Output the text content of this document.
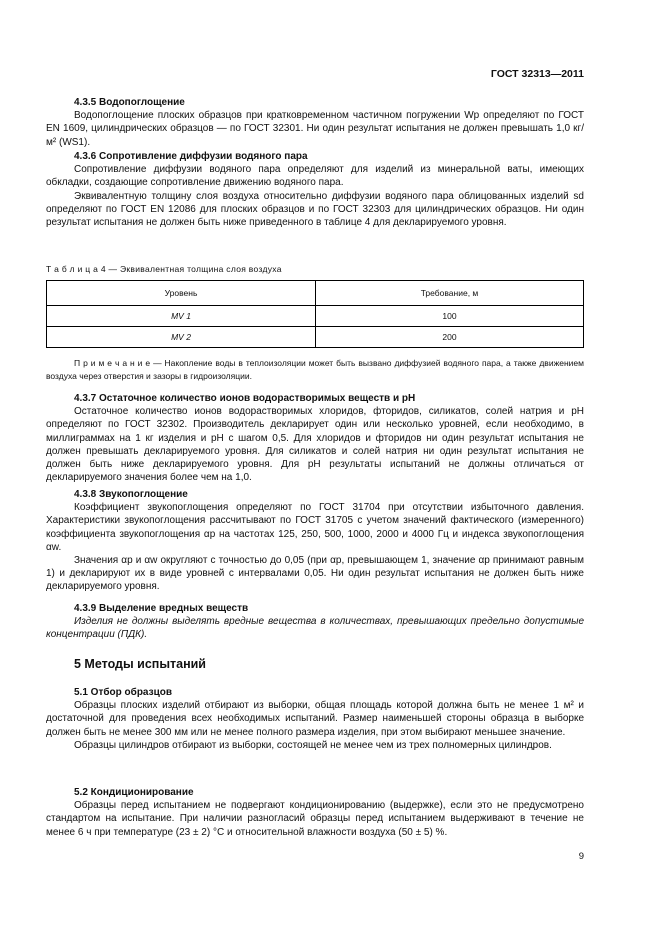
ГОСТ 32313—2011

4.3.5 Водопоглощение

Водопоглощение плоских образцов при кратковременном частичном погружении Wp определяют по ГОСТ EN 1609, цилиндрических образцов — по ГОСТ 32301. Ни один результат испытания не должен превышать 1,0 кг/м² (WS1).

4.3.6 Сопротивление диффузии водяного пара

Сопротивление диффузии водяного пара определяют для изделий из минеральной ваты, имеющих обкладки, создающие сопротивление движению водяного пара.

Эквивалентную толщину слоя воздуха относительно диффузии водяного пара облицованных изделий sd определяют по ГОСТ EN 12086 для плоских образцов и по ГОСТ 32303 для цилиндрических образцов. Ни один результат испытания не должен быть ниже приведенного в таблице 4 для декларируемого уровня.

Т а б л и ц а 4 — Эквивалентная толщина слоя воздуха
Уровень	Требование, м
MV 1	100
MV 2	200

П р и м е ч а н и е — Накопление воды в теплоизоляции может быть вызвано диффузией водяного пара, а также движением воздуха через отверстия и зазоры в гидроизоляции.

4.3.7 Остаточное количество ионов водорастворимых веществ и pH

Остаточное количество ионов водорастворимых хлоридов, фторидов, силикатов, солей натрия и pH определяют по ГОСТ 32302. Производитель декларирует один или несколько уровней, если необходимо, в миллиграммах на 1 кг изделия и pH с шагом 0,5. Для хлоридов и фторидов ни один результат испытания не должен превышать декларируемого уровня. Для силикатов и солей натрия ни один результат испытания не должен быть ниже декларируемого уровня. Для pH результаты испытаний не должны отличаться от декларируемого значения более чем на 1,0.

4.3.8 Звукопоглощение

Коэффициент звукопоглощения определяют по ГОСТ 31704 при отсутствии избыточного давления. Характеристики звукопоглощения рассчитывают по ГОСТ 31705 с учетом значений фактического (измеренного) коэффициента звукопоглощения αp на частотах 125, 250, 500, 1000, 2000 и 4000 Гц и индекса звукопоглощения αw.

Значения αp и αw округляют с точностью до 0,05 (при αp, превышающем 1, значение αp принимают равным 1) и декларируют их в виде уровней с интервалами 0,05. Ни один результат испытания не должен быть ниже декларируемого уровня.

4.3.9 Выделение вредных веществ

Изделия не должны выделять вредные вещества в количествах, превышающих предельно допустимые концентрации (ПДК).

5 Методы испытаний

5.1 Отбор образцов

Образцы плоских изделий отбирают из выборки, общая площадь которой должна быть не менее 1 м² и достаточной для проведения всех необходимых испытаний. Размер наименьшей стороны образца в выборке должен быть не менее 300 мм или не менее полного размера изделия, при этом выбирают меньшее значение.

Образцы цилиндров отбирают из выборки, состоящей не менее чем из трех полномерных цилиндров.

5.2 Кондиционирование

Образцы перед испытанием не подвергают кондиционированию (выдержке), если это не предусмотрено стандартом на испытание. При наличии разногласий образцы перед испытанием выдерживают в течение не менее 6 ч при температуре (23 ± 2) °С и относительной влажности воздуха (50 ± 5) %.

9
